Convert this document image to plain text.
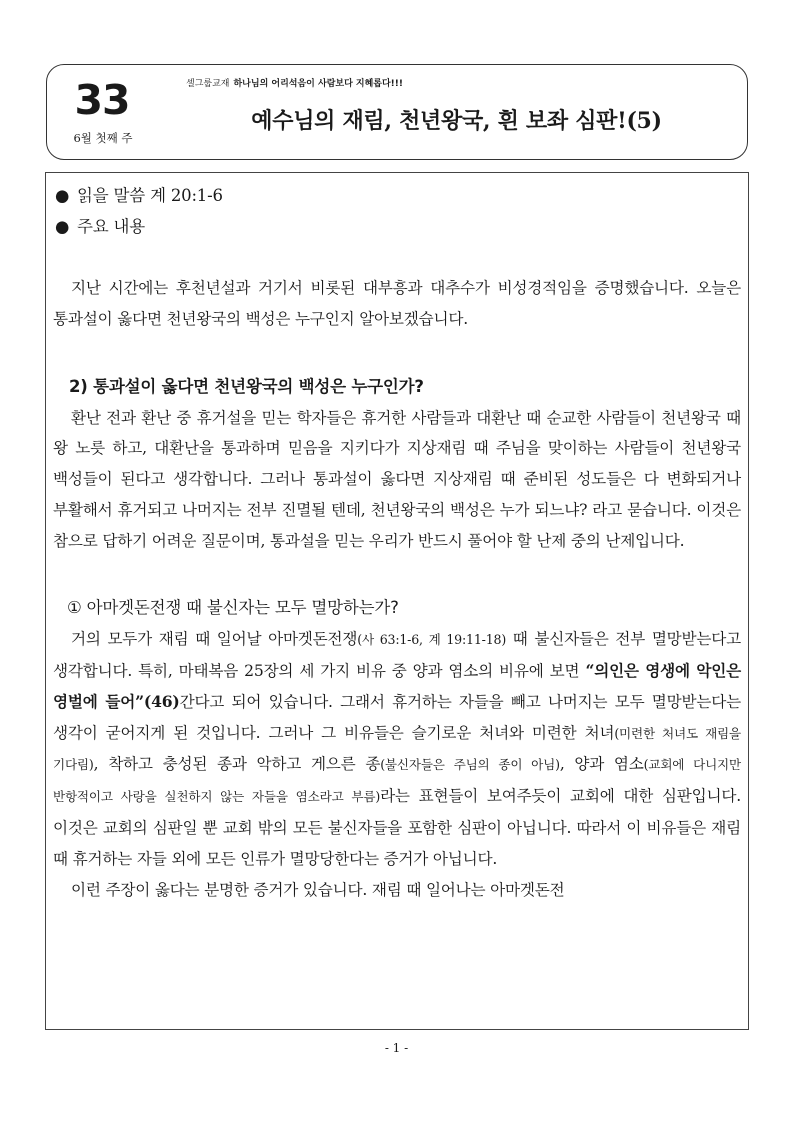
33
6월 첫째 주
셀그룹교재 하나님의 어리석음이 사람보다 지혜롭다!!!
예수님의 재림, 천년왕국, 흰 보좌 심판!(5)

● 읽을 말씀 계 20:1-6

● 주요 내용

지난 시간에는 후천년설과 거기서 비롯된 대부흥과 대추수가 비성경적임을 증명했습니다. 오늘은 통과설이 옳다면 천년왕국의 백성은 누구인지 알아보겠습니다.

2) 통과설이 옳다면 천년왕국의 백성은 누구인가?

환난 전과 환난 중 휴거설을 믿는 학자들은 휴거한 사람들과 대환난 때 순교한 사람들이 천년왕국 때 왕 노릇 하고, 대환난을 통과하며 믿음을 지키다가 지상재림 때 주님을 맞이하는 사람들이 천년왕국 백성들이 된다고 생각합니다. 그러나 통과설이 옳다면 지상재림 때 준비된 성도들은 다 변화되거나 부활해서 휴거되고 나머지는 전부 진멸될 텐데, 천년왕국의 백성은 누가 되느냐? 라고 묻습니다. 이것은 참으로 답하기 어려운 질문이며, 통과설을 믿는 우리가 반드시 풀어야 할 난제 중의 난제입니다.

① 아마겟돈전쟁 때 불신자는 모두 멸망하는가?

거의 모두가 재림 때 일어날 아마겟돈전쟁(사 63:1-6, 계 19:11-18) 때 불신자들은 전부 멸망받는다고 생각합니다. 특히, 마태복음 25장의 세 가지 비유 중 양과 염소의 비유에 보면 “의인은 영생에 악인은 영벌에 들어”(46)간다고 되어 있습니다. 그래서 휴거하는 자들을 빼고 나머지는 모두 멸망받는다는 생각이 굳어지게 된 것입니다. 그러나 그 비유들은 슬기로운 처녀와 미련한 처녀(미련한 처녀도 재림을 기다림), 착하고 충성된 종과 악하고 게으른 종(불신자들은 주님의 종이 아님), 양과 염소(교회에 다니지만 반항적이고 사랑을 실천하지 않는 자들을 염소라고 부름)라는 표현들이 보여주듯이 교회에 대한 심판입니다. 이것은 교회의 심판일 뿐 교회 밖의 모든 불신자들을 포함한 심판이 아닙니다. 따라서 이 비유들은 재림 때 휴거하는 자들 외에 모든 인류가 멸망당한다는 증거가 아닙니다.

이런 주장이 옳다는 분명한 증거가 있습니다. 재림 때 일어나는 아마겟돈전

- 1 -
